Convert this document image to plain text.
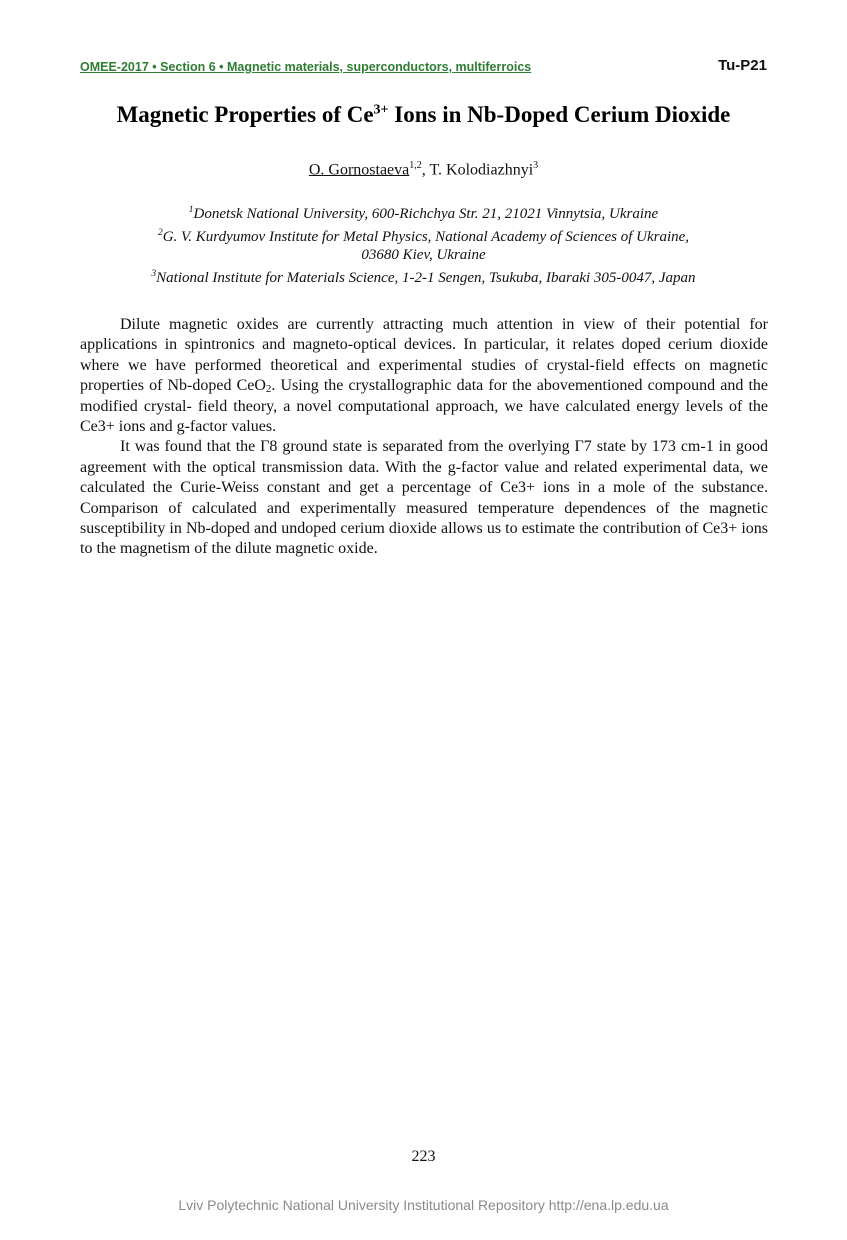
OMEE-2017 • Section 6 • Magnetic materials, superconductors, multiferroics	Tu-P21
Magnetic Properties of $Ce^{3+}$ Ions in Nb-Doped Cerium Dioxide
O. Gornostaeva$^{1,2}$, T. Kolodiazhnyi$^3$
$^1$Donetsk National University, 600-Richchya Str. 21, 21021 Vinnytsia, Ukraine
$^2$G. V. Kurdyumov Institute for Metal Physics, National Academy of Sciences of Ukraine,
03680 Kiev, Ukraine
$^3$National Institute for Materials Science, 1-2-1 Sengen, Tsukuba, Ibaraki 305-0047, Japan

Dilute magnetic oxides are currently attracting much attention in view of their potential for applications in spintronics and magneto-optical devices. In particular, it relates doped cerium dioxide where we have performed theoretical and experimental studies of crystal-field effects on magnetic properties of Nb-doped CeO$_2$. Using the crystallographic data for the abovementioned compound and the modified crystal- field theory, a novel computational approach, we have calculated energy levels of the Ce3+ ions and g-factor values.

It was found that the Γ8 ground state is separated from the overlying Γ7 state by 173 cm-1 in good agreement with the optical transmission data. With the g-factor value and related experimental data, we calculated the Curie-Weiss constant and get a percentage of Ce3+ ions in a mole of the substance. Comparison of calculated and experimentally measured temperature dependences of the magnetic susceptibility in Nb-doped and undoped cerium dioxide allows us to estimate the contribution of Ce3+ ions to the magnetism of the dilute magnetic oxide.

223
Lviv Polytechnic National University Institutional Repository http://ena.lp.edu.ua
